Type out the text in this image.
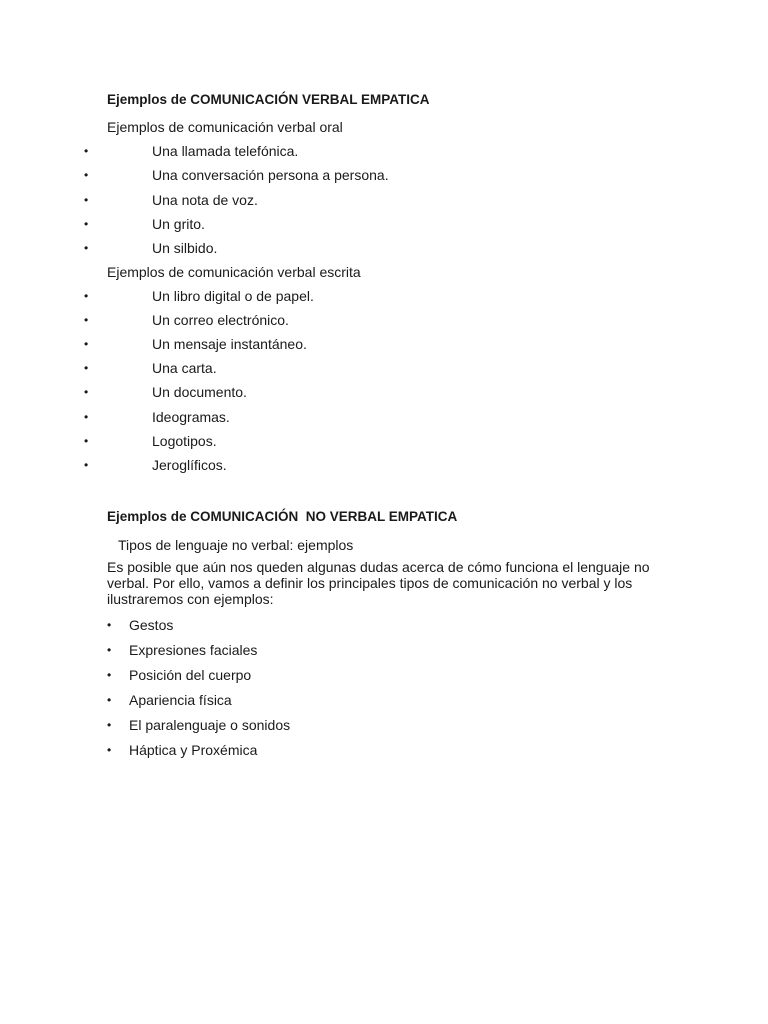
Ejemplos de COMUNICACIÓN VERBAL EMPATICA
Ejemplos de comunicación verbal oral
•	Una llamada telefónica.
•	Una conversación persona a persona.
•	Una nota de voz.
•	Un grito.
•	Un silbido.
Ejemplos de comunicación verbal escrita
•	Un libro digital o de papel.
•	Un correo electrónico.
•	Un mensaje instantáneo.
•	Una carta.
•	Un documento.
•	Ideogramas.
•	Logotipos.
•	Jeroglíficos.
Ejemplos de COMUNICACIÓN  NO VERBAL EMPATICA
Tipos de lenguaje no verbal: ejemplos
Es posible que aún nos queden algunas dudas acerca de cómo funciona el lenguaje no verbal. Por ello, vamos a definir los principales tipos de comunicación no verbal y los ilustraremos con ejemplos:
• Gestos
• Expresiones faciales
• Posición del cuerpo
• Apariencia física
• El paralenguaje o sonidos
• Háptica y Proxémica
